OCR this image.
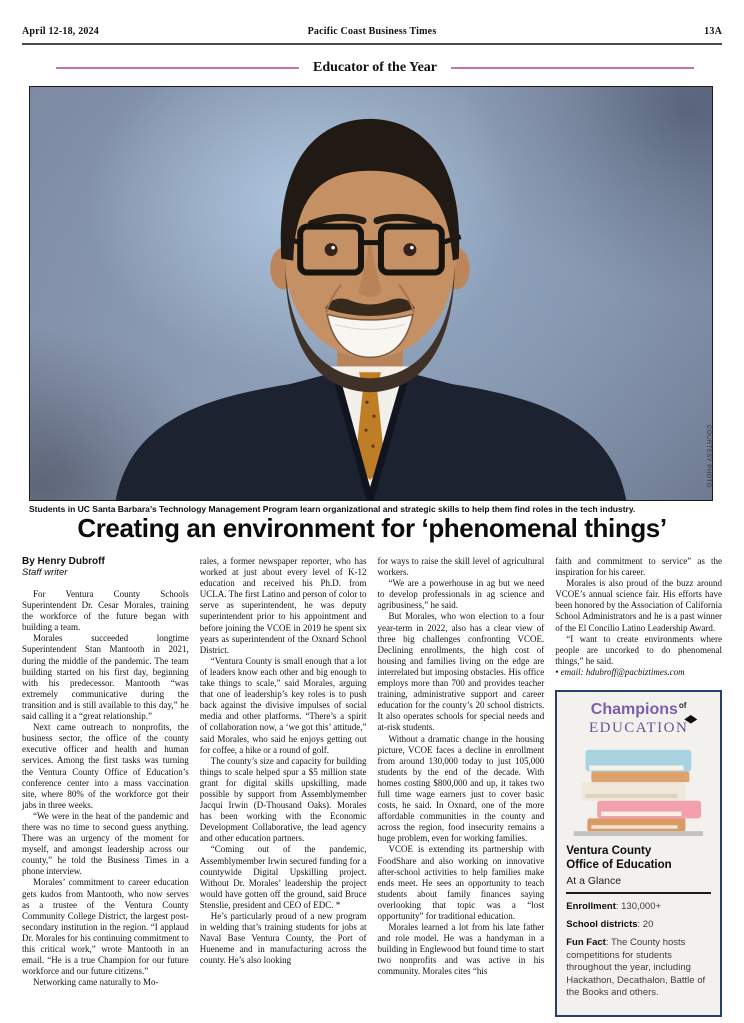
April 12-18, 2024	Pacific Coast Business Times	13A
Educator of the Year
COURTESY PHOTO
Students in UC Santa Barbara’s Technology Management Program learn organizational and strategic skills to help them find roles in the tech industry.
Creating an environment for ‘phenomenal things’
By Henry Dubroff
Staff writer

For Ventura County Schools Superintendent Dr. Cesar Morales, training the workforce of the future began with building a team.

Morales succeeded longtime Superintendent Stan Mantooth in 2021, during the middle of the pandemic. The team building started on his first day, beginning with his predecessor. Mantooth “was extremely communicative during the transition and is still available to this day,” he said calling it a “great relationship.”

Next came outreach to nonprofits, the business sector, the office of the county executive officer and health and human services. Among the first tasks was turning the Ventura County Office of Education’s conference center into a mass vaccination site, where 80% of the workforce got their jabs in three weeks.

“We were in the heat of the pandemic and there was no time to second guess anything. There was an urgency of the moment for myself, and amongst leadership across our county,” he told the Business Times in a phone interview.

Morales’ commitment to career education gets kudos from Mantooth, who now serves as a trustee of the Ventura County Community College District, the largest post-secondary institution in the region. “I applaud Dr. Morales for his continuing commitment to this critical work,” wrote Mantooth in an email. “He is a true Champion for our future workforce and our future citizens.”

Networking came naturally to Mo-

rales, a former newspaper reporter, who has worked at just about every level of K-12 education and received his Ph.D. from UCLA. The first Latino and person of color to serve as superintendent, he was deputy superintendent prior to his appointment and before joining the VCOE in 2019 he spent six years as superintendent of the Oxnard School District.

“Ventura County is small enough that a lot of leaders know each other and big enough to take things to scale,” said Morales, arguing that one of leadership’s key roles is to push back against the divisive impulses of social media and other platforms. “There’s a spirit of collaboration now, a ‘we got this’ attitude,” said Morales, who said he enjoys getting out for coffee, a hike or a round of golf.

The county’s size and capacity for building things to scale helped spur a $5 million state grant for digital skills upskilling, made possible by support from Assemblymember Jacqui Irwin (D-Thousand Oaks). Morales has been working with the Economic Development Collaborative, the lead agency and other education partners.

“Coming out of the pandemic, Assemblymember Irwin secured funding for a countywide Digital Upskilling project. Without Dr. Morales’ leadership the project would have gotten off the ground, said Bruce Stenslie, president and CEO of EDC. *

He’s particularly proud of a new program in welding that’s training students for jobs at Naval Base Ventura County, the Port of Hueneme and in manufacturing across the county. He’s also looking

for ways to raise the skill level of agricultural workers.

“We are a powerhouse in ag but we need to develop professionals in ag science and agribusiness,” he said.

But Morales, who won election to a four year-term in 2022, also has a clear view of three big challenges confronting VCOE. Declining enrollments, the high cost of housing and families living on the edge are interrelated but imposing obstacles. His office employs more than 700 and provides teacher training, administrative support and career education for the county’s 20 school districts. It also operates schools for special needs and at-risk students.

Without a dramatic change in the housing picture, VCOE faces a decline in enrollment from around 130,000 today to just 105,000 students by the end of the decade. With homes costing $800,000 and up, it takes two full time wage earners just to cover basic costs, he said. In Oxnard, one of the more affordable communities in the county and across the region, food insecurity remains a huge problem, even for working families.

VCOE is extending its partnership with FoodShare and also working on innovative after-school activities to help families make ends meet. He sees an opportunity to teach students about family finances saying overlooking that topic was a “lost opportunity” for traditional education.

Morales learned a lot from his late father and role model. He was a handyman in a building in Englewood but found time to start two nonprofits and was active in his community. Morales cites “his

faith and commitment to service” as the inspiration for his career.

Morales is also proud of the buzz around VCOE’s annual science fair. His efforts have been honored by the Association of California School Administrators and he is a past winner of the El Concilio Latino Leadership Award.

“I want to create environments where people are uncorked to do phenomenal things,” he said.

• email: hdubroff@pacbiztimes.com

Champions$^{of}$
EDUCATION
Ventura County
Office of Education
At a Glance

Enrollment: 130,000+

School districts: 20

Fun Fact: The County hosts competitions for students throughout the year, including Hackathon, Decathalon, Battle of the Books and others.
